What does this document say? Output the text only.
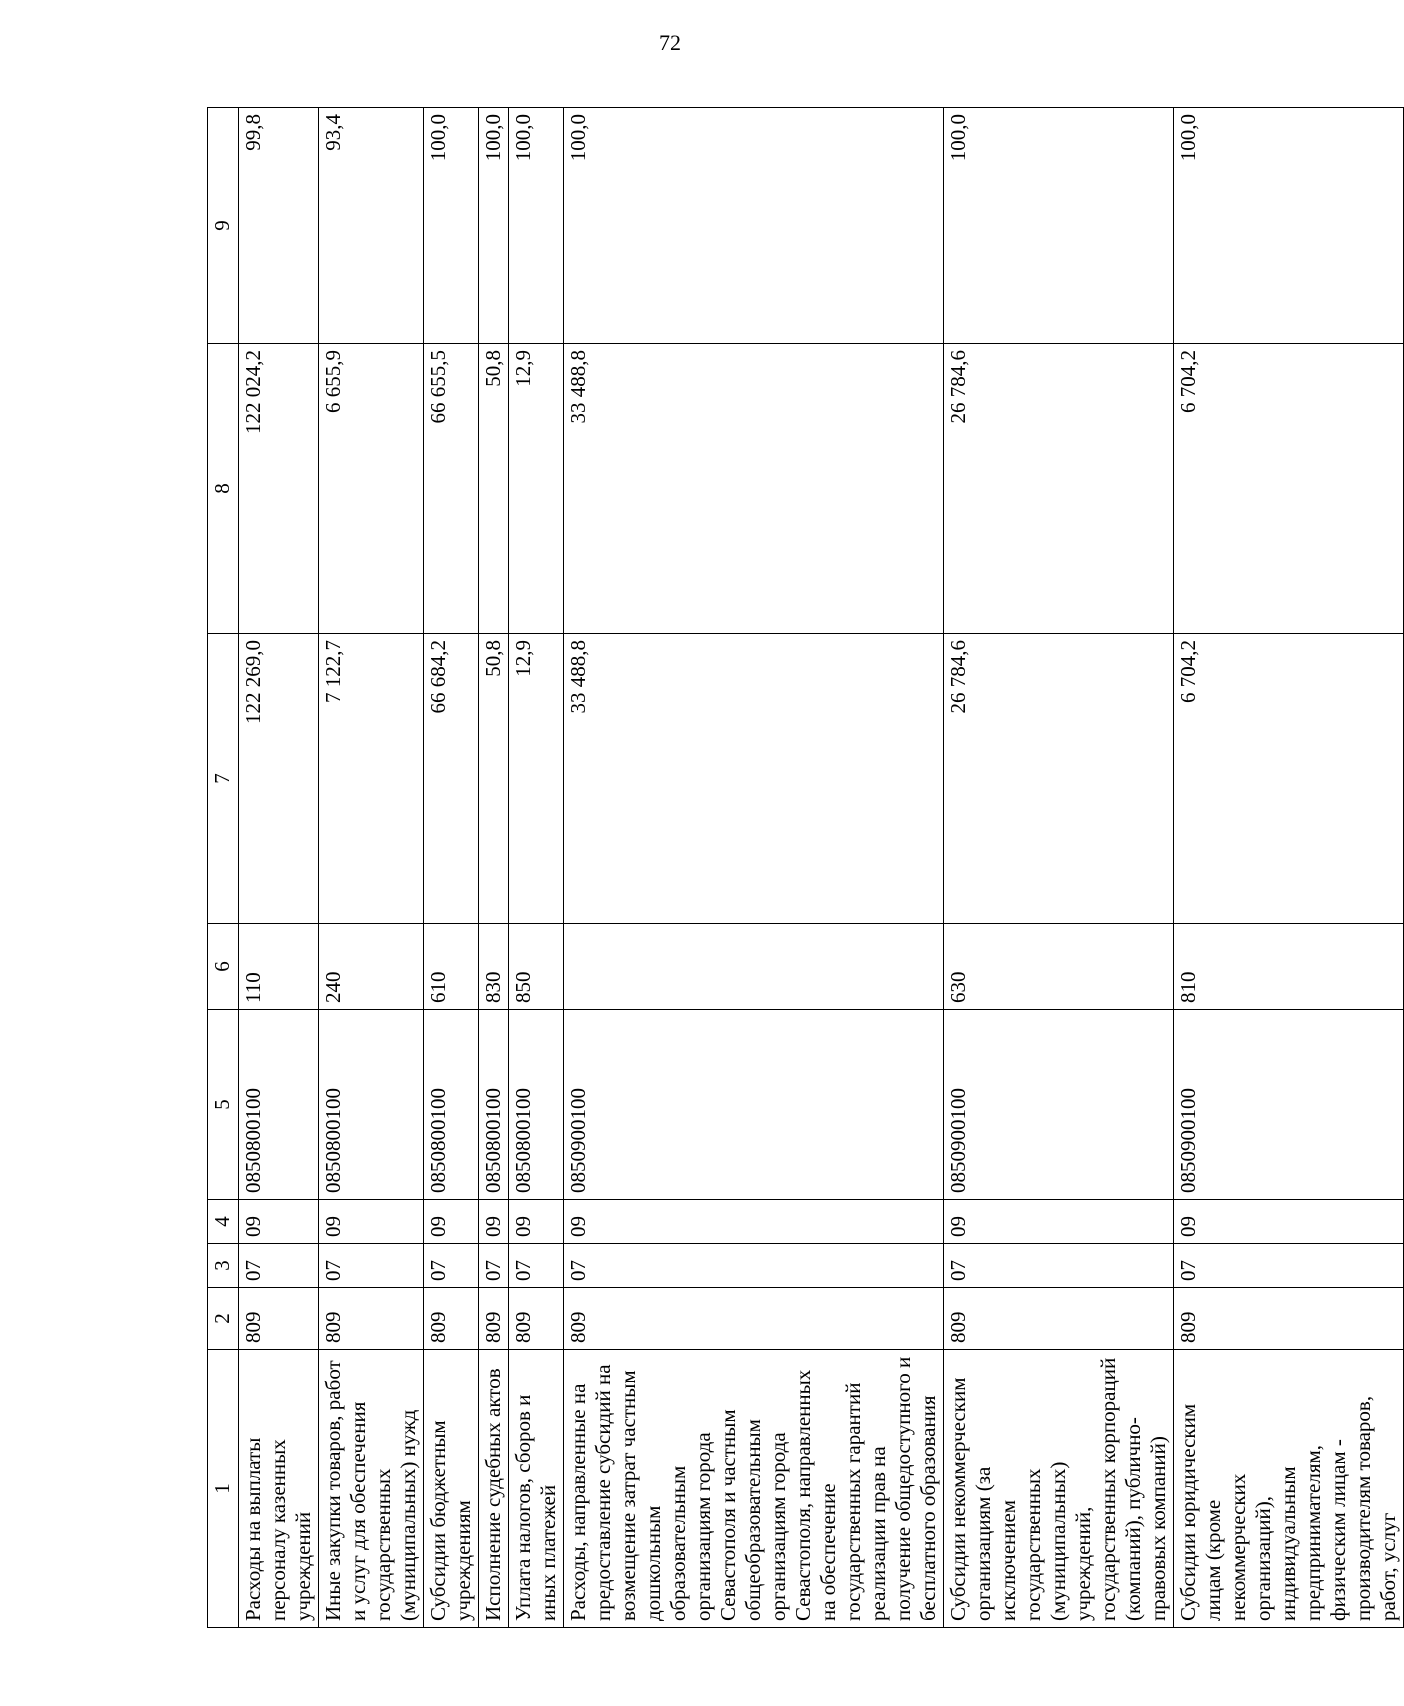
72
1	2	3	4	5	6	7	8	9
Расходы на выплаты персоналу казенных учреждений	809	07	09	0850800100	110	122 269,0	122 024,2	99,8
Иные закупки товаров, работ и услуг для обеспечения государственных (муниципальных) нужд	809	07	09	0850800100	240	7 122,7	6 655,9	93,4
Субсидии бюджетным учреждениям	809	07	09	0850800100	610	66 684,2	66 655,5	100,0
Исполнение судебных актов	809	07	09	0850800100	830	50,8	50,8	100,0
Уплата налогов, сборов и иных платежей	809	07	09	0850800100	850	12,9	12,9	100,0
Расходы, направленные на предоставление субсидий на возмещение затрат частным дошкольным образовательным организациям города Севастополя и частным общеобразовательным организациям города Севастополя, направленных на обеспечение государственных гарантий реализации прав на получение общедоступного и бесплатного образования	809	07	09	0850900100		33 488,8	33 488,8	100,0
Субсидии некоммерческим организациям (за исключением государственных (муниципальных) учреждений, государственных корпораций (компаний), публично-правовых компаний)	809	07	09	0850900100	630	26 784,6	26 784,6	100,0
Субсидии юридическим лицам (кроме некоммерческих организаций), индивидуальным предпринимателям, физическим лицам - производителям товаров, работ, услуг	809	07	09	0850900100	810	6 704,2	6 704,2	100,0
